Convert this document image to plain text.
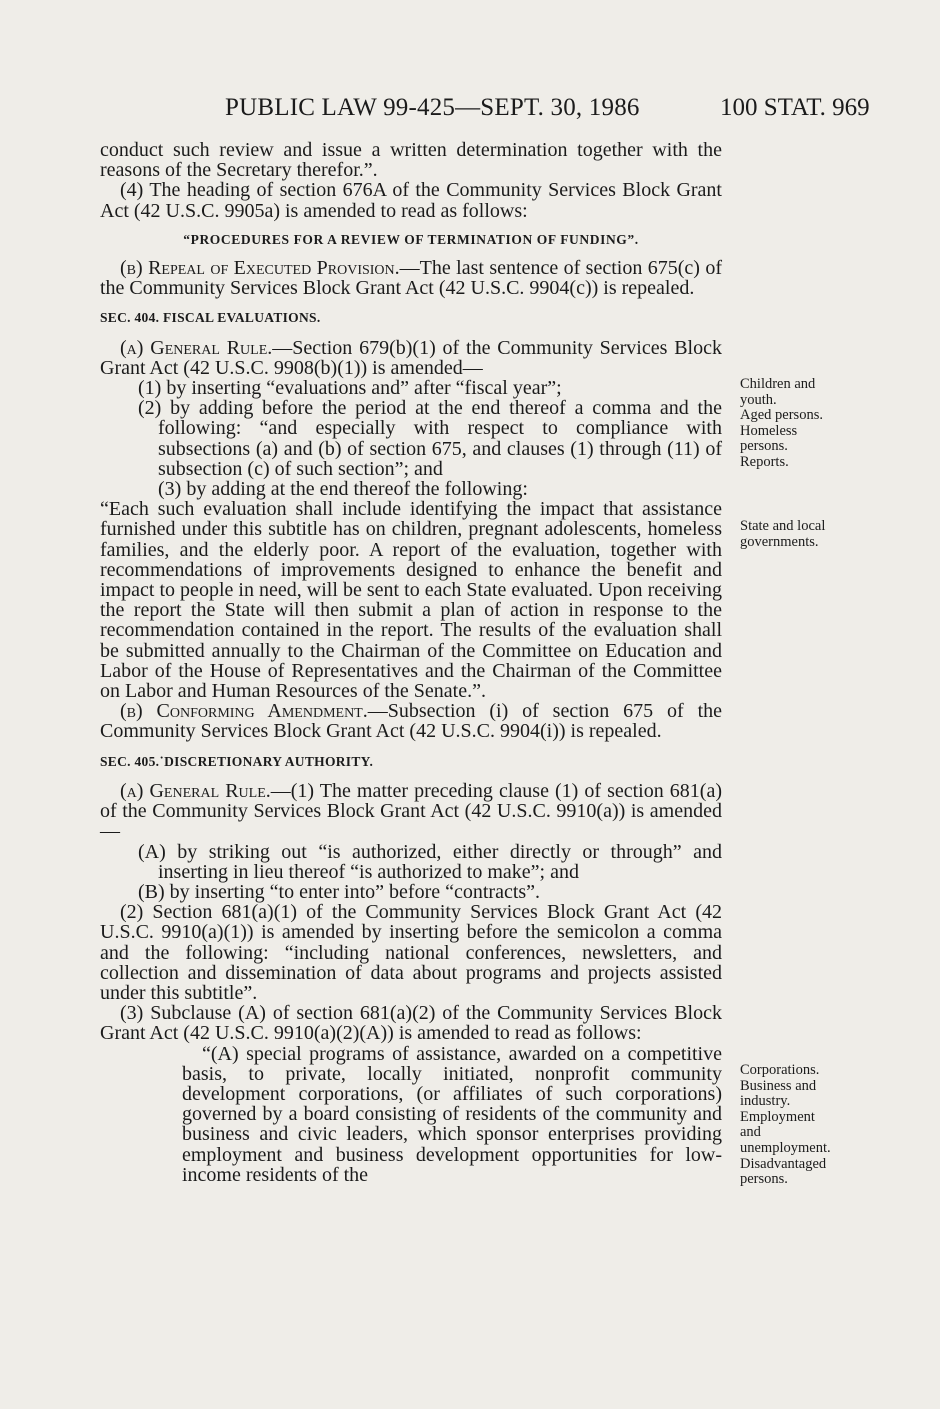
PUBLIC LAW 99-425—SEPT. 30, 1986	100 STAT. 969

conduct such review and issue a written determination together with the reasons of the Secretary therefor.”.

(4) The heading of section 676A of the Community Services Block Grant Act (42 U.S.C. 9905a) is amended to read as follows:

“PROCEDURES FOR A REVIEW OF TERMINATION OF FUNDING”.

(b) Repeal of Executed Provision.—The last sentence of section 675(c) of the Community Services Block Grant Act (42 U.S.C. 9904(c)) is repealed.

SEC. 404. FISCAL EVALUATIONS.

(a) General Rule.—Section 679(b)(1) of the Community Services Block Grant Act (42 U.S.C. 9908(b)(1)) is amended—

(1) by inserting “evaluations and” after “fiscal year”;

(2) by adding before the period at the end thereof a comma and the following: “and especially with respect to compliance with subsections (a) and (b) of section 675, and clauses (1) through (11) of subsection (c) of such section”; and

(3) by adding at the end thereof the following:

“Each such evaluation shall include identifying the impact that assistance furnished under this subtitle has on children, pregnant adolescents, homeless families, and the elderly poor. A report of the evaluation, together with recommendations of improvements designed to enhance the benefit and impact to people in need, will be sent to each State evaluated. Upon receiving the report the State will then submit a plan of action in response to the recommendation contained in the report. The results of the evaluation shall be submitted annually to the Chairman of the Committee on Education and Labor of the House of Representatives and the Chairman of the Committee on Labor and Human Resources of the Senate.”.

(b) Conforming Amendment.—Subsection (i) of section 675 of the Community Services Block Grant Act (42 U.S.C. 9904(i)) is repealed.

SEC. 405.˙DISCRETIONARY AUTHORITY.

(a) General Rule.—(1) The matter preceding clause (1) of section 681(a) of the Community Services Block Grant Act (42 U.S.C. 9910(a)) is amended—

(A) by striking out “is authorized, either directly or through” and inserting in lieu thereof “is authorized to make”; and

(B) by inserting “to enter into” before “contracts”.

(2) Section 681(a)(1) of the Community Services Block Grant Act (42 U.S.C. 9910(a)(1)) is amended by inserting before the semicolon a comma and the following: “including national conferences, newsletters, and collection and dissemination of data about programs and projects assisted under this subtitle”.

(3) Subclause (A) of section 681(a)(2) of the Community Services Block Grant Act (42 U.S.C. 9910(a)(2)(A)) is amended to read as follows:

“(A) special programs of assistance, awarded on a competitive basis, to private, locally initiated, nonprofit community development corporations, (or affiliates of such corporations) governed by a board consisting of residents of the community and business and civic leaders, which sponsor enterprises providing employment and business development opportunities for low-income residents of the

Children and
youth.
Aged persons.
Homeless
persons.
Reports.
State and local
governments.
Corporations.
Business and
industry.
Employment
and
unemployment.
Disadvantaged
persons.
